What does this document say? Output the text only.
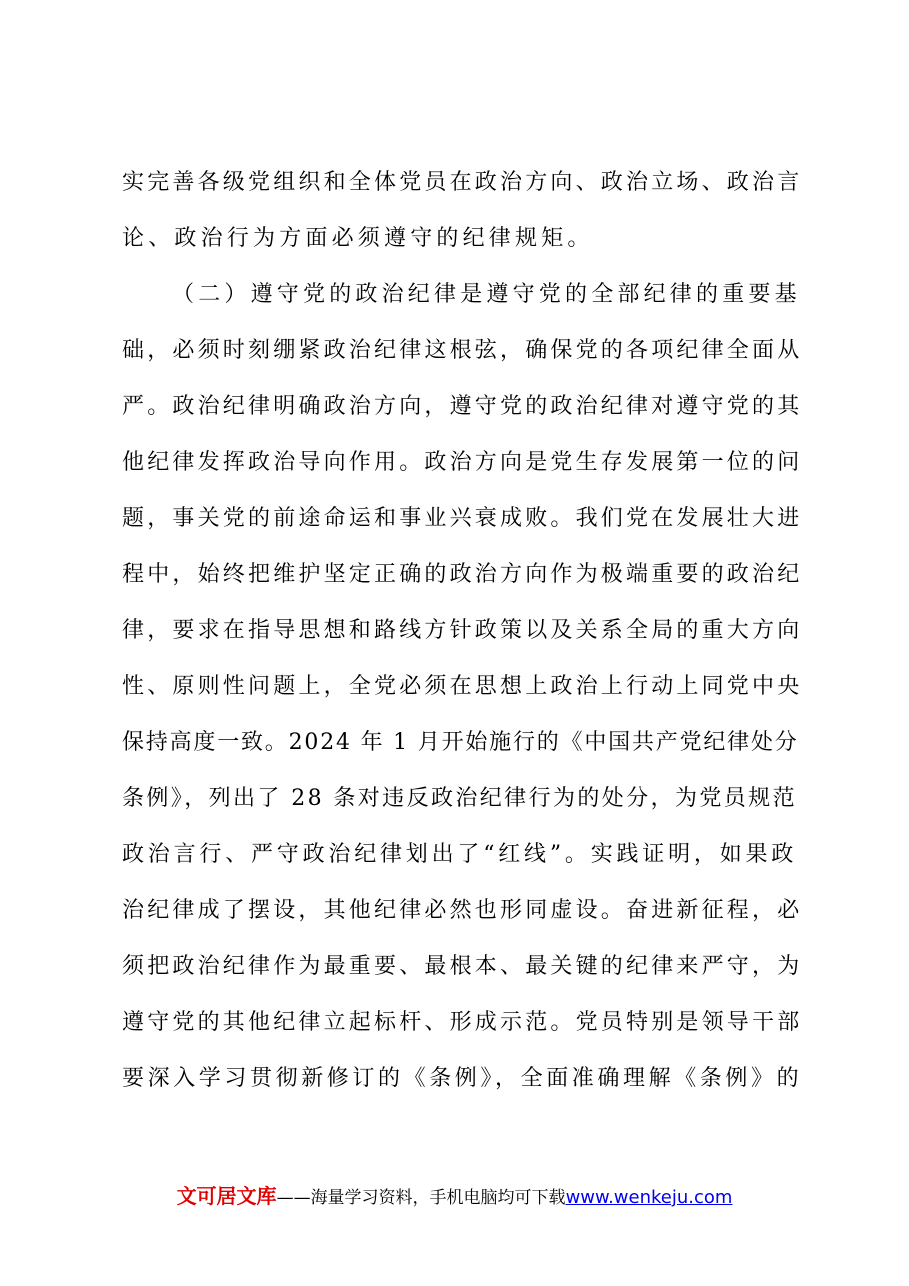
实完善各级党组织和全体党员在政治方向、政治立场、政治言
论、政治行为方面必须遵守的纪律规矩。
（二）遵守党的政治纪律是遵守党的全部纪律的重要基
础，必须时刻绷紧政治纪律这根弦，确保党的各项纪律全面从
严。政治纪律明确政治方向，遵守党的政治纪律对遵守党的其
他纪律发挥政治导向作用。政治方向是党生存发展第一位的问
题，事关党的前途命运和事业兴衰成败。我们党在发展壮大进
程中，始终把维护坚定正确的政治方向作为极端重要的政治纪
律，要求在指导思想和路线方针政策以及关系全局的重大方向
性、原则性问题上，全党必须在思想上政治上行动上同党中央
保持高度一致。2024 年 1 月开始施行的《中国共产党纪律处分
条例》，列出了 28 条对违反政治纪律行为的处分，为党员规范
政治言行、严守政治纪律划出了“红线”。实践证明，如果政
治纪律成了摆设，其他纪律必然也形同虚设。奋进新征程，必
须把政治纪律作为最重要、最根本、最关键的纪律来严守，为
遵守党的其他纪律立起标杆、形成示范。党员特别是领导干部
要深入学习贯彻新修订的《条例》，全面准确理解《条例》的
文可居文库——海量学习资料，手机电脑均可下载www.wenkeju.com
